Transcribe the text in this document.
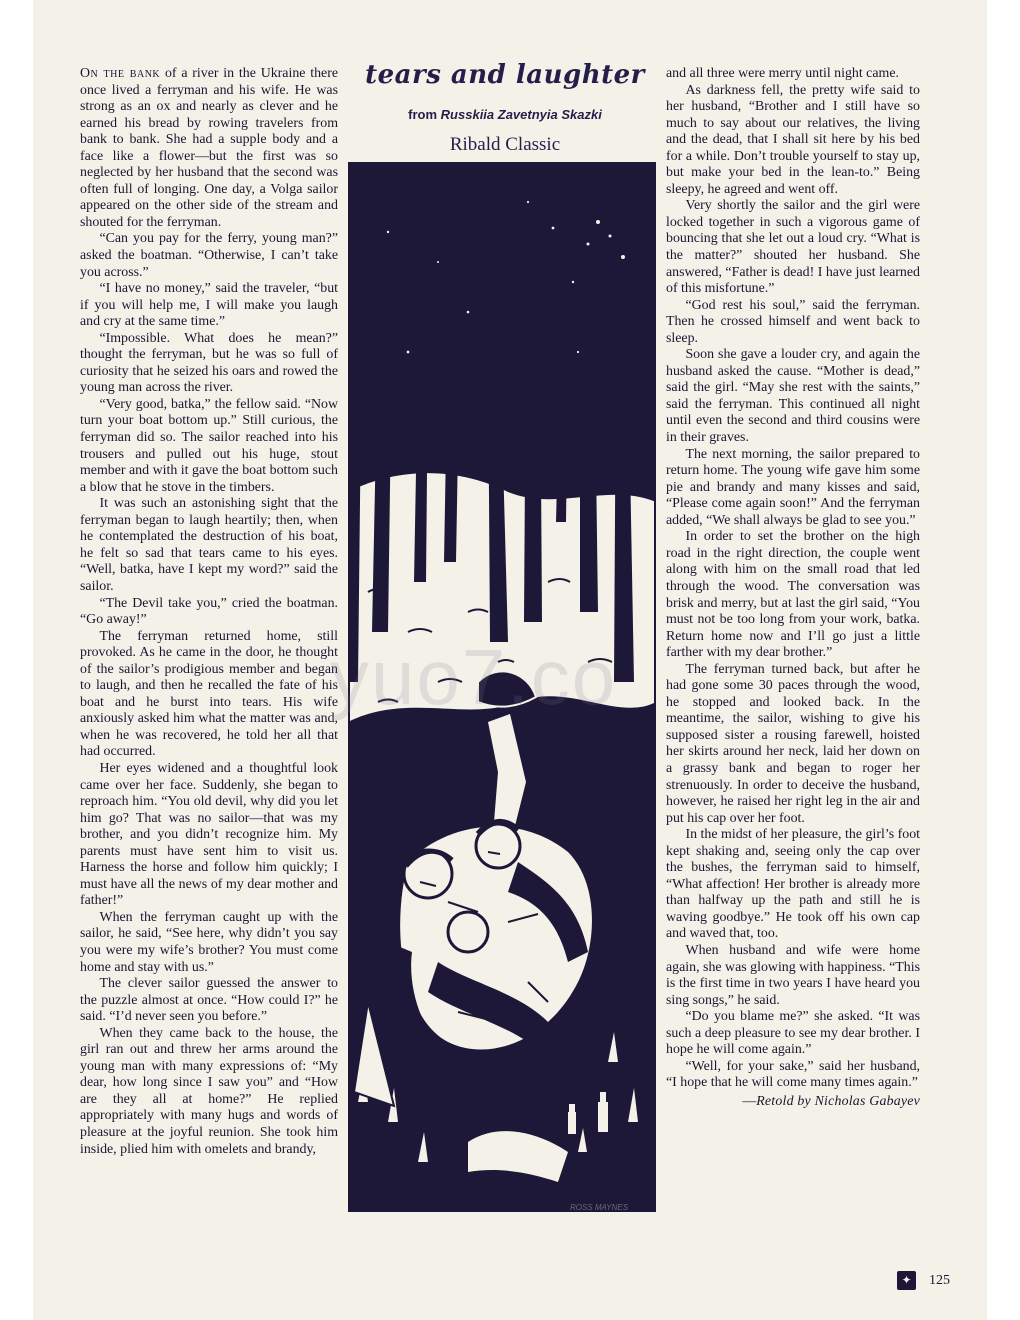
On the bank of a river in the Ukraine there once lived a ferryman and his wife. He was strong as an ox and nearly as clever and he earned his bread by rowing travelers from bank to bank. She had a supple body and a face like a flower—but the first was so neglected by her husband that the second was often full of longing. One day, a Volga sailor appeared on the other side of the stream and shouted for the ferryman.

“Can you pay for the ferry, young man?” asked the boatman. “Otherwise, I can’t take you across.”

“I have no money,” said the traveler, “but if you will help me, I will make you laugh and cry at the same time.”

“Impossible. What does he mean?” thought the ferryman, but he was so full of curiosity that he seized his oars and rowed the young man across the river.

“Very good, batka,” the fellow said. “Now turn your boat bottom up.” Still curious, the ferryman did so. The sailor reached into his trousers and pulled out his huge, stout member and with it gave the boat bottom such a blow that he stove in the timbers.

It was such an astonishing sight that the ferryman began to laugh heartily; then, when he contemplated the destruction of his boat, he felt so sad that tears came to his eyes. “Well, batka, have I kept my word?” said the sailor.

“The Devil take you,” cried the boatman. “Go away!”

The ferryman returned home, still provoked. As he came in the door, he thought of the sailor’s prodigious member and began to laugh, and then he recalled the fate of his boat and he burst into tears. His wife anxiously asked him what the matter was and, when he was recovered, he told her all that had occurred.

Her eyes widened and a thoughtful look came over her face. Suddenly, she began to reproach him. “You old devil, why did you let him go? That was no sailor—that was my brother, and you didn’t recognize him. My parents must have sent him to visit us. Harness the horse and follow him quickly; I must have all the news of my dear mother and father!”

When the ferryman caught up with the sailor, he said, “See here, why didn’t you say you were my wife’s brother? You must come home and stay with us.”

The clever sailor guessed the answer to the puzzle almost at once. “How could I?” he said. “I’d never seen you before.”

When they came back to the house, the girl ran out and threw her arms around the young man with many expressions of: “My dear, how long since I saw you” and “How are they all at home?” He replied appropriately with many hugs and words of pleasure at the joyful reunion. She took him inside, plied him with omelets and brandy,

tears and laughter
from Russkiia Zavetnyia Skazki
Ribald Classic
ROSS MAYNES

and all three were merry until night came.

As darkness fell, the pretty wife said to her husband, “Brother and I still have so much to say about our relatives, the living and the dead, that I shall sit here by his bed for a while. Don’t trouble yourself to stay up, but make your bed in the lean-to.” Being sleepy, he agreed and went off.

Very shortly the sailor and the girl were locked together in such a vigorous game of bouncing that she let out a loud cry. “What is the matter?” shouted her husband. She answered, “Father is dead! I have just learned of this misfortune.”

“God rest his soul,” said the ferryman. Then he crossed himself and went back to sleep.

Soon she gave a louder cry, and again the husband asked the cause. “Mother is dead,” said the girl. “May she rest with the saints,” said the ferryman. This continued all night until even the second and third cousins were in their graves.

The next morning, the sailor prepared to return home. The young wife gave him some pie and brandy and many kisses and said, “Please come again soon!” And the ferryman added, “We shall always be glad to see you.”

In order to set the brother on the high road in the right direction, the couple went along with him on the small road that led through the wood. The conversation was brisk and merry, but at last the girl said, “You must not be too long from your work, batka. Return home now and I’ll go just a little farther with my dear brother.”

The ferryman turned back, but after he had gone some 30 paces through the wood, he stopped and looked back. In the meantime, the sailor, wishing to give his supposed sister a rousing farewell, hoisted her skirts around her neck, laid her down on a grassy bank and began to roger her strenuously. In order to deceive the husband, however, he raised her right leg in the air and put his cap over her foot.

In the midst of her pleasure, the girl’s foot kept shaking and, seeing only the cap over the bushes, the ferryman said to himself, “What affection! Her brother is already more than halfway up the path and still he is waving goodbye.” He took off his own cap and waved that, too.

When husband and wife were home again, she was glowing with happiness. “This is the first time in two years I have heard you sing songs,” he said.

“Do you blame me?” she asked. “It was such a deep pleasure to see my dear brother. I hope he will come again.”

“Well, for your sake,” said her husband, “I hope that he will come many times again.”

—Retold by Nicholas Gabayev
✦	125
